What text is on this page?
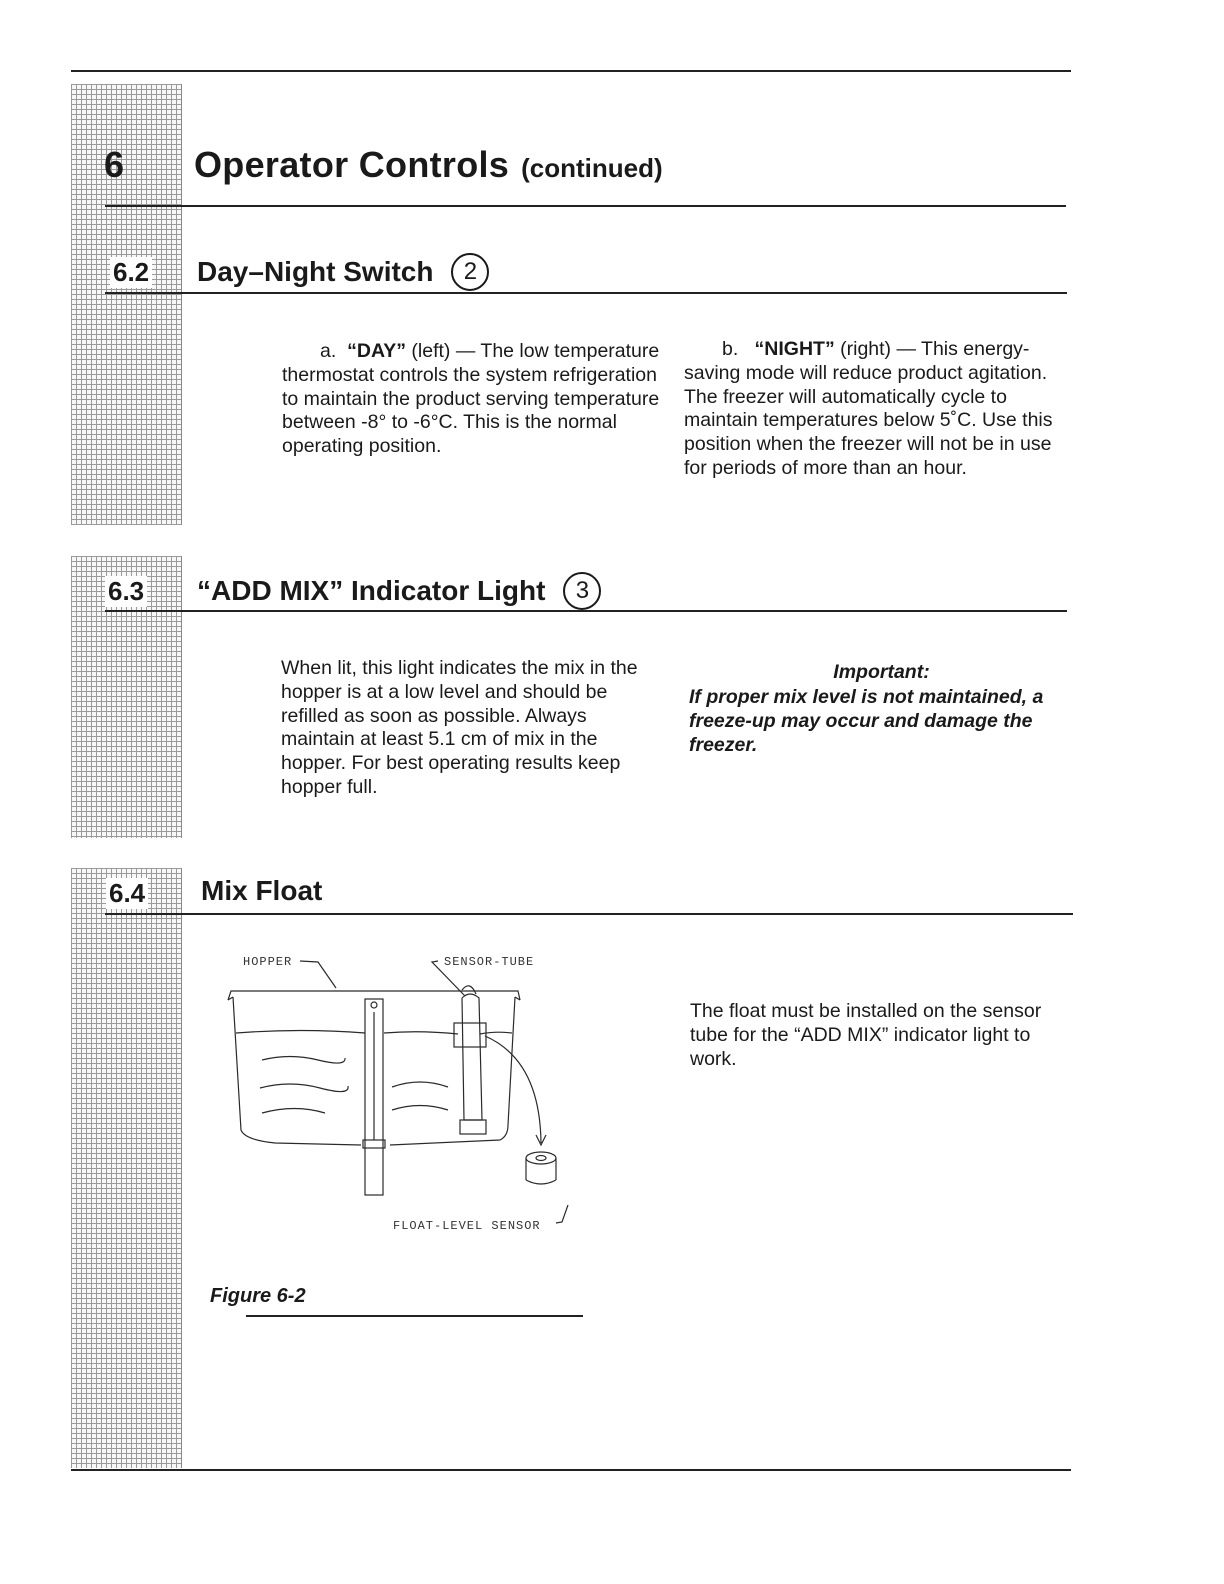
6 Operator Controls (continued)
6.2 Day–Night Switch 2
a. “DAY” (left) — The low temperature thermostat controls the system refrigeration to maintain the product serving temperature between -8° to -6°C. This is the normal operating position.
b. “NIGHT” (right) — This energy-saving mode will reduce product agitation. The freezer will automatically cycle to maintain temperatures below 5˚C. Use this position when the freezer will not be in use for periods of more than an hour.
6.3 “ADD MIX” Indicator Light 3
When lit, this light indicates the mix in the hopper is at a low level and should be refilled as soon as possible. Always maintain at least 5.1 cm of mix in the hopper. For best operating results keep hopper full.
Important:
If proper mix level is not maintained, a freeze-up may occur and damage the freezer.
6.4 Mix Float
HOPPER	SENSOR-TUBE
FLOAT-LEVEL SENSOR
Figure 6-2
The float must be installed on the sensor tube for the “ADD MIX” indicator light to work.
